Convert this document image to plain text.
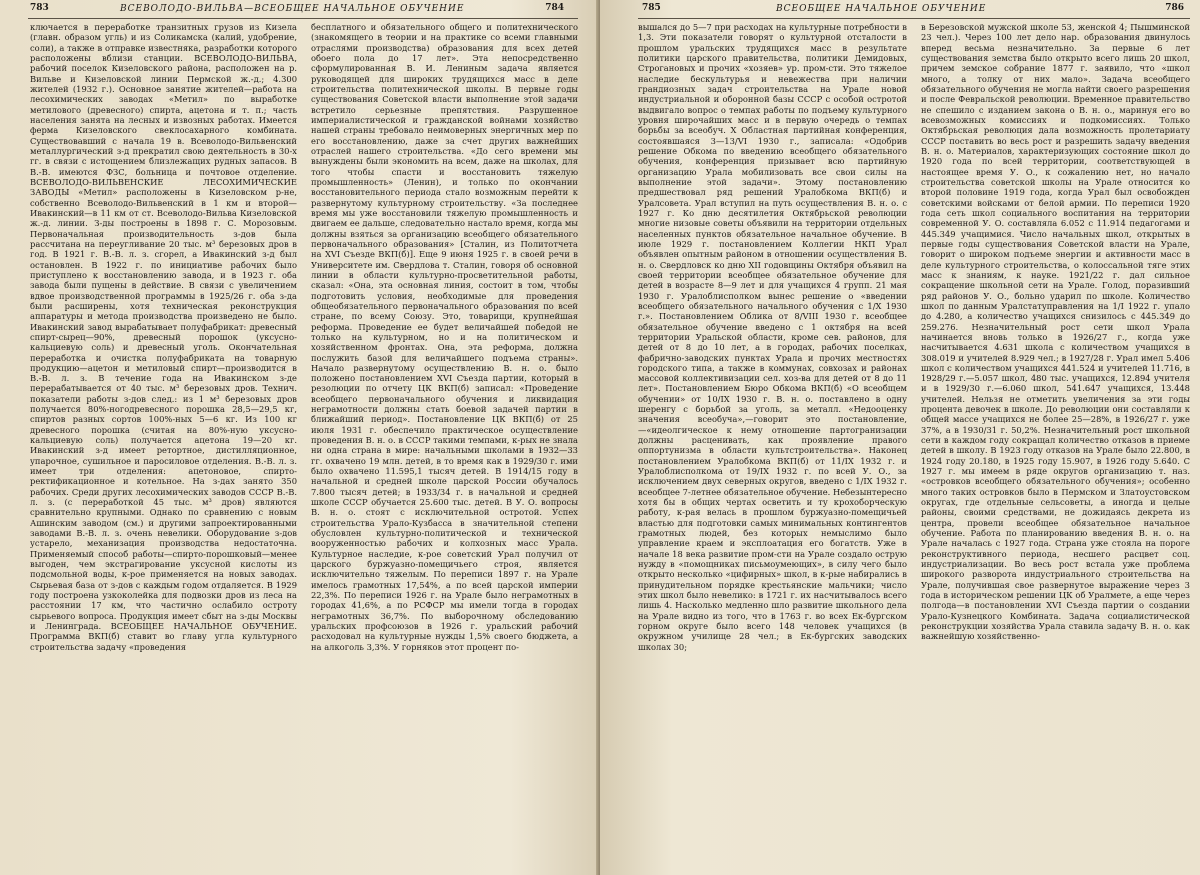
783	ВСЕВОЛОДО-ВИЛЬВА—ВСЕОБЩЕЕ НАЧАЛЬНОЕ ОБУЧЕНИЕ	784

ключается в переработке транзитных грузов из Кизела (главн. образом угль) и из Соликамска (калий, удобрение, соли), а также в отправке известняка, разработки которого расположены вблизи станции. ВСЕВОЛОДО-ВИЛЬВА, рабочий поселок Кизеловского района, расположен на р. Вильве и Кизеловской линии Пермской ж.-д.; 4.300 жителей (1932 г.). Основное занятие жителей—работа на лесохимических заводах «Метил» по выработке метилового (древесного) спирта, ацетона и т. п.; часть населения занята на лесных и извозных работах. Имеется ферма Кизеловского свеклосахарного комбината. Существовавший с начала 19 в. Всеволодо-Вильвенский металлургический з-д прекратил свою деятельность в 30-х гг. в связи с истощением близлежащих рудных запасов. В В.-В. имеются ФЗС, больница и почтовое отделение. ВСЕВОЛОДО-ВИЛЬВЕНСКИЕ ЛЕСОХИМИЧЕСКИЕ ЗАВОДЫ «Метил» расположены в Кизеловском р-не, собственно Всеволодо-Вильвенский в 1 км и второй—Ивакинский—в 11 км от ст. Всеволодо-Вильва Кизеловской ж.-д. линии. З-ды построены в 1898 г. С. Морозовым. Первоначальная производительность з-дов была рассчитана на переугливание 20 тыс. м³ березовых дров в год. В 1921 г. В.-В. л. з. сгорел, а Ивакинский з-д был остановлен. В 1922 г. по инициативе рабочих было приступлено к восстановлению завода, и в 1923 г. оба завода были пущены в действие. В связи с увеличением вдвое производственной программы в 1925/26 г. оба з-да были расширены, хотя техническая реконструкция аппаратуры и метода производства произведено не было. Ивакинский завод вырабатывает полуфабрикат: древесный спирт-сырец—90%, древесный порошок (уксусно-кальциевую соль) и древесный уголь. Окончательная переработка и очистка полуфабриката на товарную продукцию—ацетон и метиловый спирт—производится в В.-В. л. з. В течение года на Ивакинском з-де перерабатывается от 40 тыс. м³ березовых дров. Технич. показатели работы з-дов след.: из 1 м³ березовых дров получается 80%-ногодревесного порошка 28,5—29,5 кг, спиртов разных сортов 100%-ных 5—6 кг. Из 100 кг древесного порошка (считая на 80%-ную уксусно-кальциевую соль) получается ацетона 19—20 кг. Ивакинский з-д имеет ретортное, дистилляционное, упарочное, сушильное и паросиловое отделения. В.-В. л. з. имеет три отделения: ацетоновое, спирто-ректификационное и котельное. На з-дах занято 350 рабочих. Среди других лесохимических заводов СССР В.-В. л. з. (с переработкой 45 тыс. м³ дров) являются сравнительно крупными. Однако по сравнению с новым Ашинским заводом (см.) и другими запроектированными заводами В.-В. л. з. очень невелики. Оборудование з-дов устарело, механизация производства недостаточна. Применяемый способ работы—спирто-порошковый—менее выгоден, чем экстрагирование уксусной кислоты из подсмольной воды, к-рое применяется на новых заводах. Сырьевая база от з-дов с каждым годом отдаляется. В 1929 году построена узкоколейка для подвозки дров из леса на расстоянии 17 км, что частично ослабило остроту сырьевого вопроса. Продукция имеет сбыт на з-ды Москвы и Ленинграда. ВСЕОБЩЕЕ НАЧАЛЬНОЕ ОБУЧЕНИЕ. Программа ВКП(б) ставит во главу угла культурного строительства задачу «проведения

бесплатного и обязательного общего и политехнического (знакомящего в теории и на практике со всеми главными отраслями производства) образования для всех детей обоего пола до 17 лет». Эта непосредственно сформулированная В. И. Лениным задача является руководящей для широких трудящихся масс в деле строительства политехнической школы. В первые годы существования Советской власти выполнение этой задачи встретило серьезные препятствия. Разрушенное империалистической и гражданской войнами хозяйство нашей страны требовало неимоверных энергичных мер по его восстановлению, даже за счет других важнейших отраслей нашего строительства. «До сего времени мы вынуждены были экономить на всем, даже на школах, для того чтобы спасти и восстановить тяжелую промышленность» (Ленин), и только по окончании восстановительного периода стало возможным перейти к развернутому культурному строительству. «За последнее время мы уже восстановили тяжелую промышленность и двигаем ее дальше, следовательно настало время, когда мы должны взяться за организацию всеобщего обязательного первоначального образования» [Сталин, из Политотчета на XVI Съезде ВКП(б)]. Еще 9 июня 1925 г. в своей речи в Университете им. Свердлова т. Сталин, говоря об основной линии в области культурно-просветительной работы, сказал: «Она, эта основная линия, состоит в том, чтобы подготовить условия, необходимые для проведения общеобязательного первоначального образования по всей стране, по всему Союзу. Это, товарищи, крупнейшая реформа. Проведение ее будет величайшей победой не только на культурном, но и на политическом и хозяйственном фронтах. Она, эта реформа, должна послужить базой для величайшего подъема страны». Начало развернутому осуществлению В. н. о. было положено постановлением XVI Съезда партии, который в резолюции по отчету ЦК ВКП(б) записал: «Проведение всеобщего первоначального обучения и ликвидация неграмотности должны стать боевой задачей партии в ближайший период». Постановление ЦК ВКП(б) от 25 июля 1931 г. обеспечило практическое осуществление проведения В. н. о. в СССР такими темпами, к-рых не знала ни одна страна в мире: начальными школами в 1932—33 гг. охвачено 19 млн. детей, в то время как в 1929/30 г. ими было охвачено 11.595,1 тысяч детей. В 1914/15 году в начальной и средней школе царской России обучалось 7.800 тысяч детей; в 1933/34 г. в начальной и средней школе СССР обучается 25.600 тыс. детей. В У. О. вопросы В. н. о. стоят с исключительной остротой. Успех строительства Урало-Кузбасса в значительной степени обусловлен культурно-политической и технической вооруженностью рабочих и колхозных масс Урала. Культурное наследие, к-рое советский Урал получил от царского буржуазно-помещичьего строя, является исключительно тяжелым. По переписи 1897 г. на Урале имелось грамотных 17,54%, а по всей царской империи 22,3%. По переписи 1926 г. на Урале было неграмотных в городах 41,6%, а по РСФСР мы имели тогда в городах неграмотных 36,7%. По выборочному обследованию уральских профсоюзов в 1926 г. уральский рабочий расходовал на культурные нужды 1,5% своего бюджета, а на алкоголь 3,3%. У горняков этот процент по-

785	ВСЕОБЩЕЕ НАЧАЛЬНОЕ ОБУЧЕНИЕ	786

вышался до 5—7 при расходах на культурные потребности в 1,3. Эти показатели говорят о культурной отсталости в прошлом уральских трудящихся масс в результате политики царского правительства, политики Демидовых, Строгановых и прочих «хозяев» ур. пром-сти. Это тяжелое наследие бескультурья и невежества при наличии грандиозных задач строительства на Урале новой индустриальной и оборонной базы СССР с особой остротой выдвигало вопрос о темпах работы по подъему культурного уровня широчайших масс и в первую очередь о темпах борьбы за всеобуч. X Областная партийная конференция, состоявшаяся 3—13/VI 1930 г., записала: «Одобрив решение Обкома по введению всеобщего обязательного обучения, конференция призывает всю партийную организацию Урала мобилизовать все свои силы на выполнение этой задачи». Этому постановлению предшествовал ряд решений Уралобкома ВКП(б) и Уралсовета. Урал вступил на путь осуществления В. н. о. с 1927 г. Ко дню десятилетия Октябрьской революции многие низовые советы объявили на территории отдельных населенных пунктов обязательное начальное обучение. В июле 1929 г. постановлением Коллегии НКП Урал объявлен опытным районом в отношении осуществления В. н. о. Свердловск ко дню XII годовщины Октября объявил на своей территории всеобщее обязательное обучение для детей в возрасте 8—9 лет и для учащихся 4 групп. 21 мая 1930 г. Уралоблисполком вынес решение о «введении всеобщего обязательного начального обучения с 1/X 1930 г.». Постановлением Облика от 8/VIII 1930 г. всеобщее обязательное обучение введено с 1 октября на всей территории Уральской области, кроме сев. районов, для детей от 8 до 10 лет, а в городах, рабочих поселках, фабрично-заводских пунктах Урала и прочих местностях городского типа, а также в коммунах, совхозах и районах массовой коллективизации сел. хоз-ва для детей от 8 до 11 лет». Постановлением Бюро Обкома ВКП(б) «О всеобщем обучении» от 10/IX 1930 г. В. н. о. поставлено в одну шеренгу с борьбой за уголь, за металл. «Недооценку значения всеобуча»,—говорит это постановление,—«идеолгическое к нему отношение партогранизации должны расценивать, как проявление правого оппортунизма в области культстроительства». Наконец постановлением Уралобкома ВКП(б) от 11/IX 1932 г. и Уралоблисполкома от 19/IX 1932 г. по всей У. О., за исключением двух северных округов, введено с 1/IX 1932 г. всеобщее 7-летнее обязательное обучение. Небезынтересно хотя бы в общих чертах осветить и ту крохоборческую работу, к-рая велась в прошлом буржуазно-помещичьей властью для подготовки самых минимальных контингентов грамотных людей, без которых немыслимо было управление краем и эксплоатация его богатств. Уже в начале 18 века развитие пром-сти на Урале создало острую нужду в «помощниках письмоумеющих», в силу чего было открыто несколько «цифирных» школ, в к-рые набирались в принудительном порядке крестьянские мальчики; число этих школ было невелико: в 1721 г. их насчитывалось всего лишь 4. Насколько медленно шло развитие школьного дела на Урале видно из того, что в 1763 г. во всех Ек-бургском горном округе было всего 148 человек учащихся (в окружном училище 28 чел.; в Ек-бургских заводских школах 30;

в Березовской мужской школе 53, женской 4; Пышминской 23 чел.). Через 100 лет дело нар. образования двинулось вперед весьма незначительно. За первые 6 лет существования земства было открыто всего лишь 20 школ, причем земское собрание 1877 г. заявило, что «школ много, а толку от них мало». Задача всеобщего обязательного обучения не могла найти своего разрешения и после Февральской революции. Временное правительство не спешило с изданием закона о В. н. о., маринуя его во всевозможных комиссиях и подкомиссиях. Только Октябрьская революция дала возможность пролетариату СССР поставить во весь рост и разрешить задачу введения В. н. о. Материалов, характеризующих состояние школ до 1920 года по всей территории, соответствующей в настоящее время У. О., к сожалению нет, но начало строительства советской школы на Урале относится ко второй половине 1919 года, когда Урал был освобожден советскими войсками от белой армии. По переписи 1920 года сеть школ социального воспитания на территории современной У. О. составляла 6.052 с 11.914 педагогами и 445.349 учащимися. Число начальных школ, открытых в первые годы существования Советской власти на Урале, говорит о широком подъеме энергии и активности масс в деле культурного строительства, о колоссальной тяге этих масс к знаниям, к науке. 1921/22 г. дал сильное сокращение школьной сети на Урале. Голод, поразивший ряд районов У. О., больно ударил по школе. Количество школ по данным Уралстатуправления на 1/I 1922 г. упало до 4.280, а количество учащихся снизилось с 445.349 до 259.276. Незначительный рост сети школ Урала начинается вновь только в 1926/27 г., когда уже насчитывается 4.631 школа с количеством учащихся в 308.019 и учителей 8.929 чел.; в 1927/28 г. Урал имел 5.406 школ с количеством учащихся 441.524 и учителей 11.716, в 1928/29 г.—5.057 школ, 480 тыс. учащихся, 12.894 учителя и в 1929/30 г.—6.060 школ, 541.647 учащихся, 13.448 учителей. Нельзя не отметить увеличения за эти годы процента девочек в школе. До революции они составляли к общей массе учащихся не более 25—28%, в 1926/27 г. уже 37%, а в 1930/31 г. 50,2%. Незначительный рост школьной сети в каждом году сокращал количество отказов в приеме детей в школу. В 1923 году отказов на Урале было 22.800, в 1924 году 20.180, в 1925 году 15.907, в 1926 году 5.640. С 1927 г. мы имеем в ряде округов организацию т. наз. «островков всеобщего обязательного обучения»; особенно много таких островков было в Пермском и Златоустовском округах, где отдельные сельсоветы, а иногда и целые районы, своими средствами, не дожидаясь декрета из центра, провели всеобщее обязательное начальное обучение. Работа по планированию введения В. н. о. на Урале началась с 1927 года. Страна уже стояла на пороге реконструктивного периода, несшего расцвет соц. индустриализации. Во весь рост встала уже проблема широкого разворота индустриального строительства на Урале, получившая свое развернутое выражение через 3 года в историческом решении ЦК об Уралмете, а еще через полгода—в постановлении XVI Съезда партии о создании Урало-Кузнецкого Комбината. Задача социалистической реконструкции хозяйства Урала ставила задачу В. н. о. как важнейшую хозяйственно-
